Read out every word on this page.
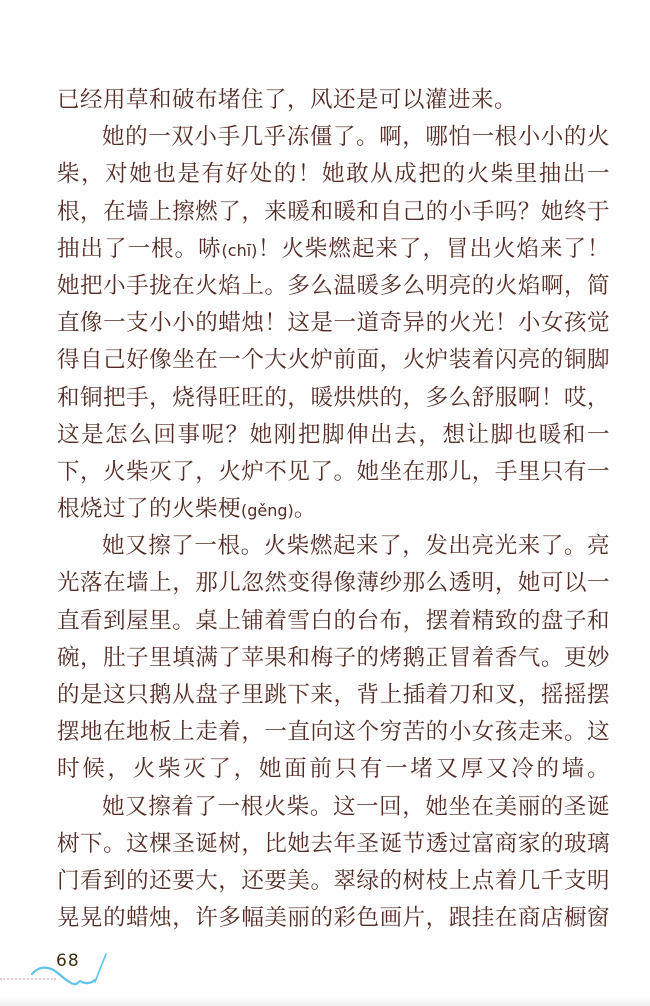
已经用草和破布堵住了，风还是可以灌进来。
她的一双小手几乎冻僵了。啊，哪怕一根小小的火
柴，对她也是有好处的！她敢从成把的火柴里抽出一
根，在墙上擦燃了，来暖和暖和自己的小手吗？她终于
抽出了一根。哧(chī)！火柴燃起来了，冒出火焰来了！
她把小手拢在火焰上。多么温暖多么明亮的火焰啊，简
直像一支小小的蜡烛！这是一道奇异的火光！小女孩觉
得自己好像坐在一个大火炉前面，火炉装着闪亮的铜脚
和铜把手，烧得旺旺的，暖烘烘的，多么舒服啊！哎，
这是怎么回事呢？她刚把脚伸出去，想让脚也暖和一
下，火柴灭了，火炉不见了。她坐在那儿，手里只有一
根烧过了的火柴梗(gěng)。
她又擦了一根。火柴燃起来了，发出亮光来了。亮
光落在墙上，那儿忽然变得像薄纱那么透明，她可以一
直看到屋里。桌上铺着雪白的台布，摆着精致的盘子和
碗，肚子里填满了苹果和梅子的烤鹅正冒着香气。更妙
的是这只鹅从盘子里跳下来，背上插着刀和叉，摇摇摆
摆地在地板上走着，一直向这个穷苦的小女孩走来。这
时候，火柴灭了，她面前只有一堵又厚又冷的墙。
她又擦着了一根火柴。这一回，她坐在美丽的圣诞
树下。这棵圣诞树，比她去年圣诞节透过富商家的玻璃
门看到的还要大，还要美。翠绿的树枝上点着几千支明
晃晃的蜡烛，许多幅美丽的彩色画片，跟挂在商店橱窗
68
